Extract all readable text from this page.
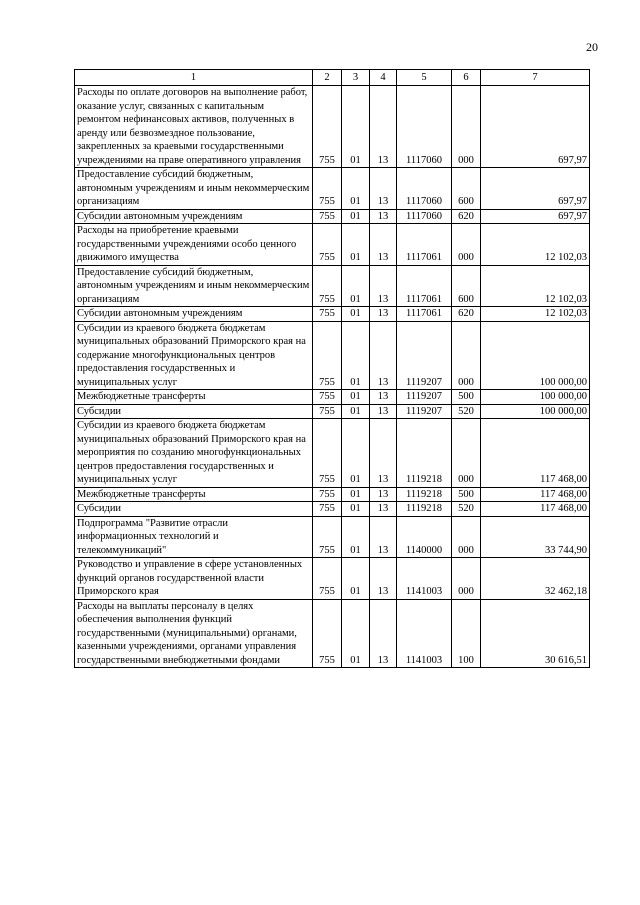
20
1	2	3	4	5	6	7
Расходы по оплате договоров на выполнение работ, оказание услуг, связанных с капитальным ремонтом нефинансовых активов, полученных в аренду или безвозмездное пользование, закрепленных за краевыми государственными учреждениями на праве оперативного управления	755	01	13	1117060	000	697,97
Предоставление субсидий бюджетным, автономным учреждениям и иным некоммерческим организациям	755	01	13	1117060	600	697,97
Субсидии автономным учреждениям	755	01	13	1117060	620	697,97
Расходы на приобретение краевыми государственными учреждениями особо ценного движимого имущества	755	01	13	1117061	000	12 102,03
Предоставление субсидий бюджетным, автономным учреждениям и иным некоммерческим организациям	755	01	13	1117061	600	12 102,03
Субсидии автономным учреждениям	755	01	13	1117061	620	12 102,03
Субсидии из краевого бюджета бюджетам муниципальных образований Приморского края на содержание многофункциональных центров предоставления государственных и муниципальных услуг	755	01	13	1119207	000	100 000,00
Межбюджетные трансферты	755	01	13	1119207	500	100 000,00
Субсидии	755	01	13	1119207	520	100 000,00
Субсидии из краевого бюджета бюджетам муниципальных образований Приморского края на мероприятия по созданию многофункциональных центров предоставления государственных и муниципальных услуг	755	01	13	1119218	000	117 468,00
Межбюджетные трансферты	755	01	13	1119218	500	117 468,00
Субсидии	755	01	13	1119218	520	117 468,00
Подпрограмма "Развитие отрасли информационных технологий и телекоммуникаций"	755	01	13	1140000	000	33 744,90
Руководство и управление в сфере установленных функций органов государственной власти Приморского края	755	01	13	1141003	000	32 462,18
Расходы на выплаты персоналу в целях обеспечения выполнения функций государственными (муниципальными) органами, казенными учреждениями, органами управления государственными внебюджетными фондами	755	01	13	1141003	100	30 616,51
